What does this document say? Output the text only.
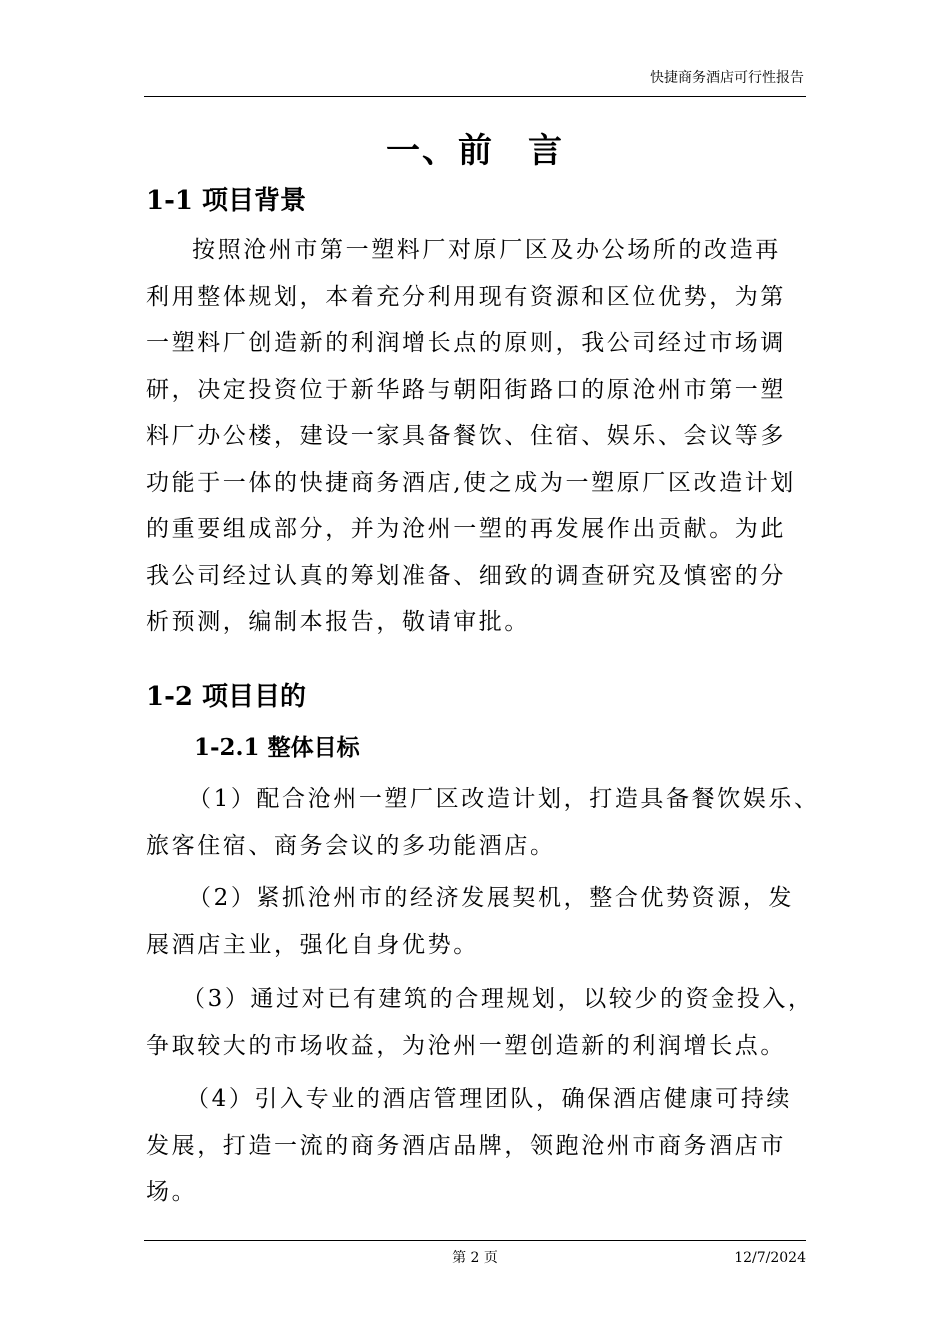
快捷商务酒店可行性报告
一、前 言
1-1 项目背景
按照沧州市第一塑料厂对原厂区及办公场所的改造再
利用整体规划，本着充分利用现有资源和区位优势，为第
一塑料厂创造新的利润增长点的原则，我公司经过市场调
研，决定投资位于新华路与朝阳街路口的原沧州市第一塑
料厂办公楼，建设一家具备餐饮、住宿、娱乐、会议等多
功能于一体的快捷商务酒店,使之成为一塑原厂区改造计划
的重要组成部分，并为沧州一塑的再发展作出贡献。为此
我公司经过认真的筹划准备、细致的调查研究及慎密的分
析预测，编制本报告，敬请审批。
1-2 项目目的
1-2.1 整体目标
（1）配合沧州一塑厂区改造计划，打造具备餐饮娱乐、
旅客住宿、商务会议的多功能酒店。
（2）紧抓沧州市的经济发展契机，整合优势资源，发
展酒店主业，强化自身优势。
（3）通过对已有建筑的合理规划，以较少的资金投入，
争取较大的市场收益，为沧州一塑创造新的利润增长点。
（4）引入专业的酒店管理团队，确保酒店健康可持续
发展，打造一流的商务酒店品牌，领跑沧州市商务酒店市
场。
第 2 页	12/7/2024
